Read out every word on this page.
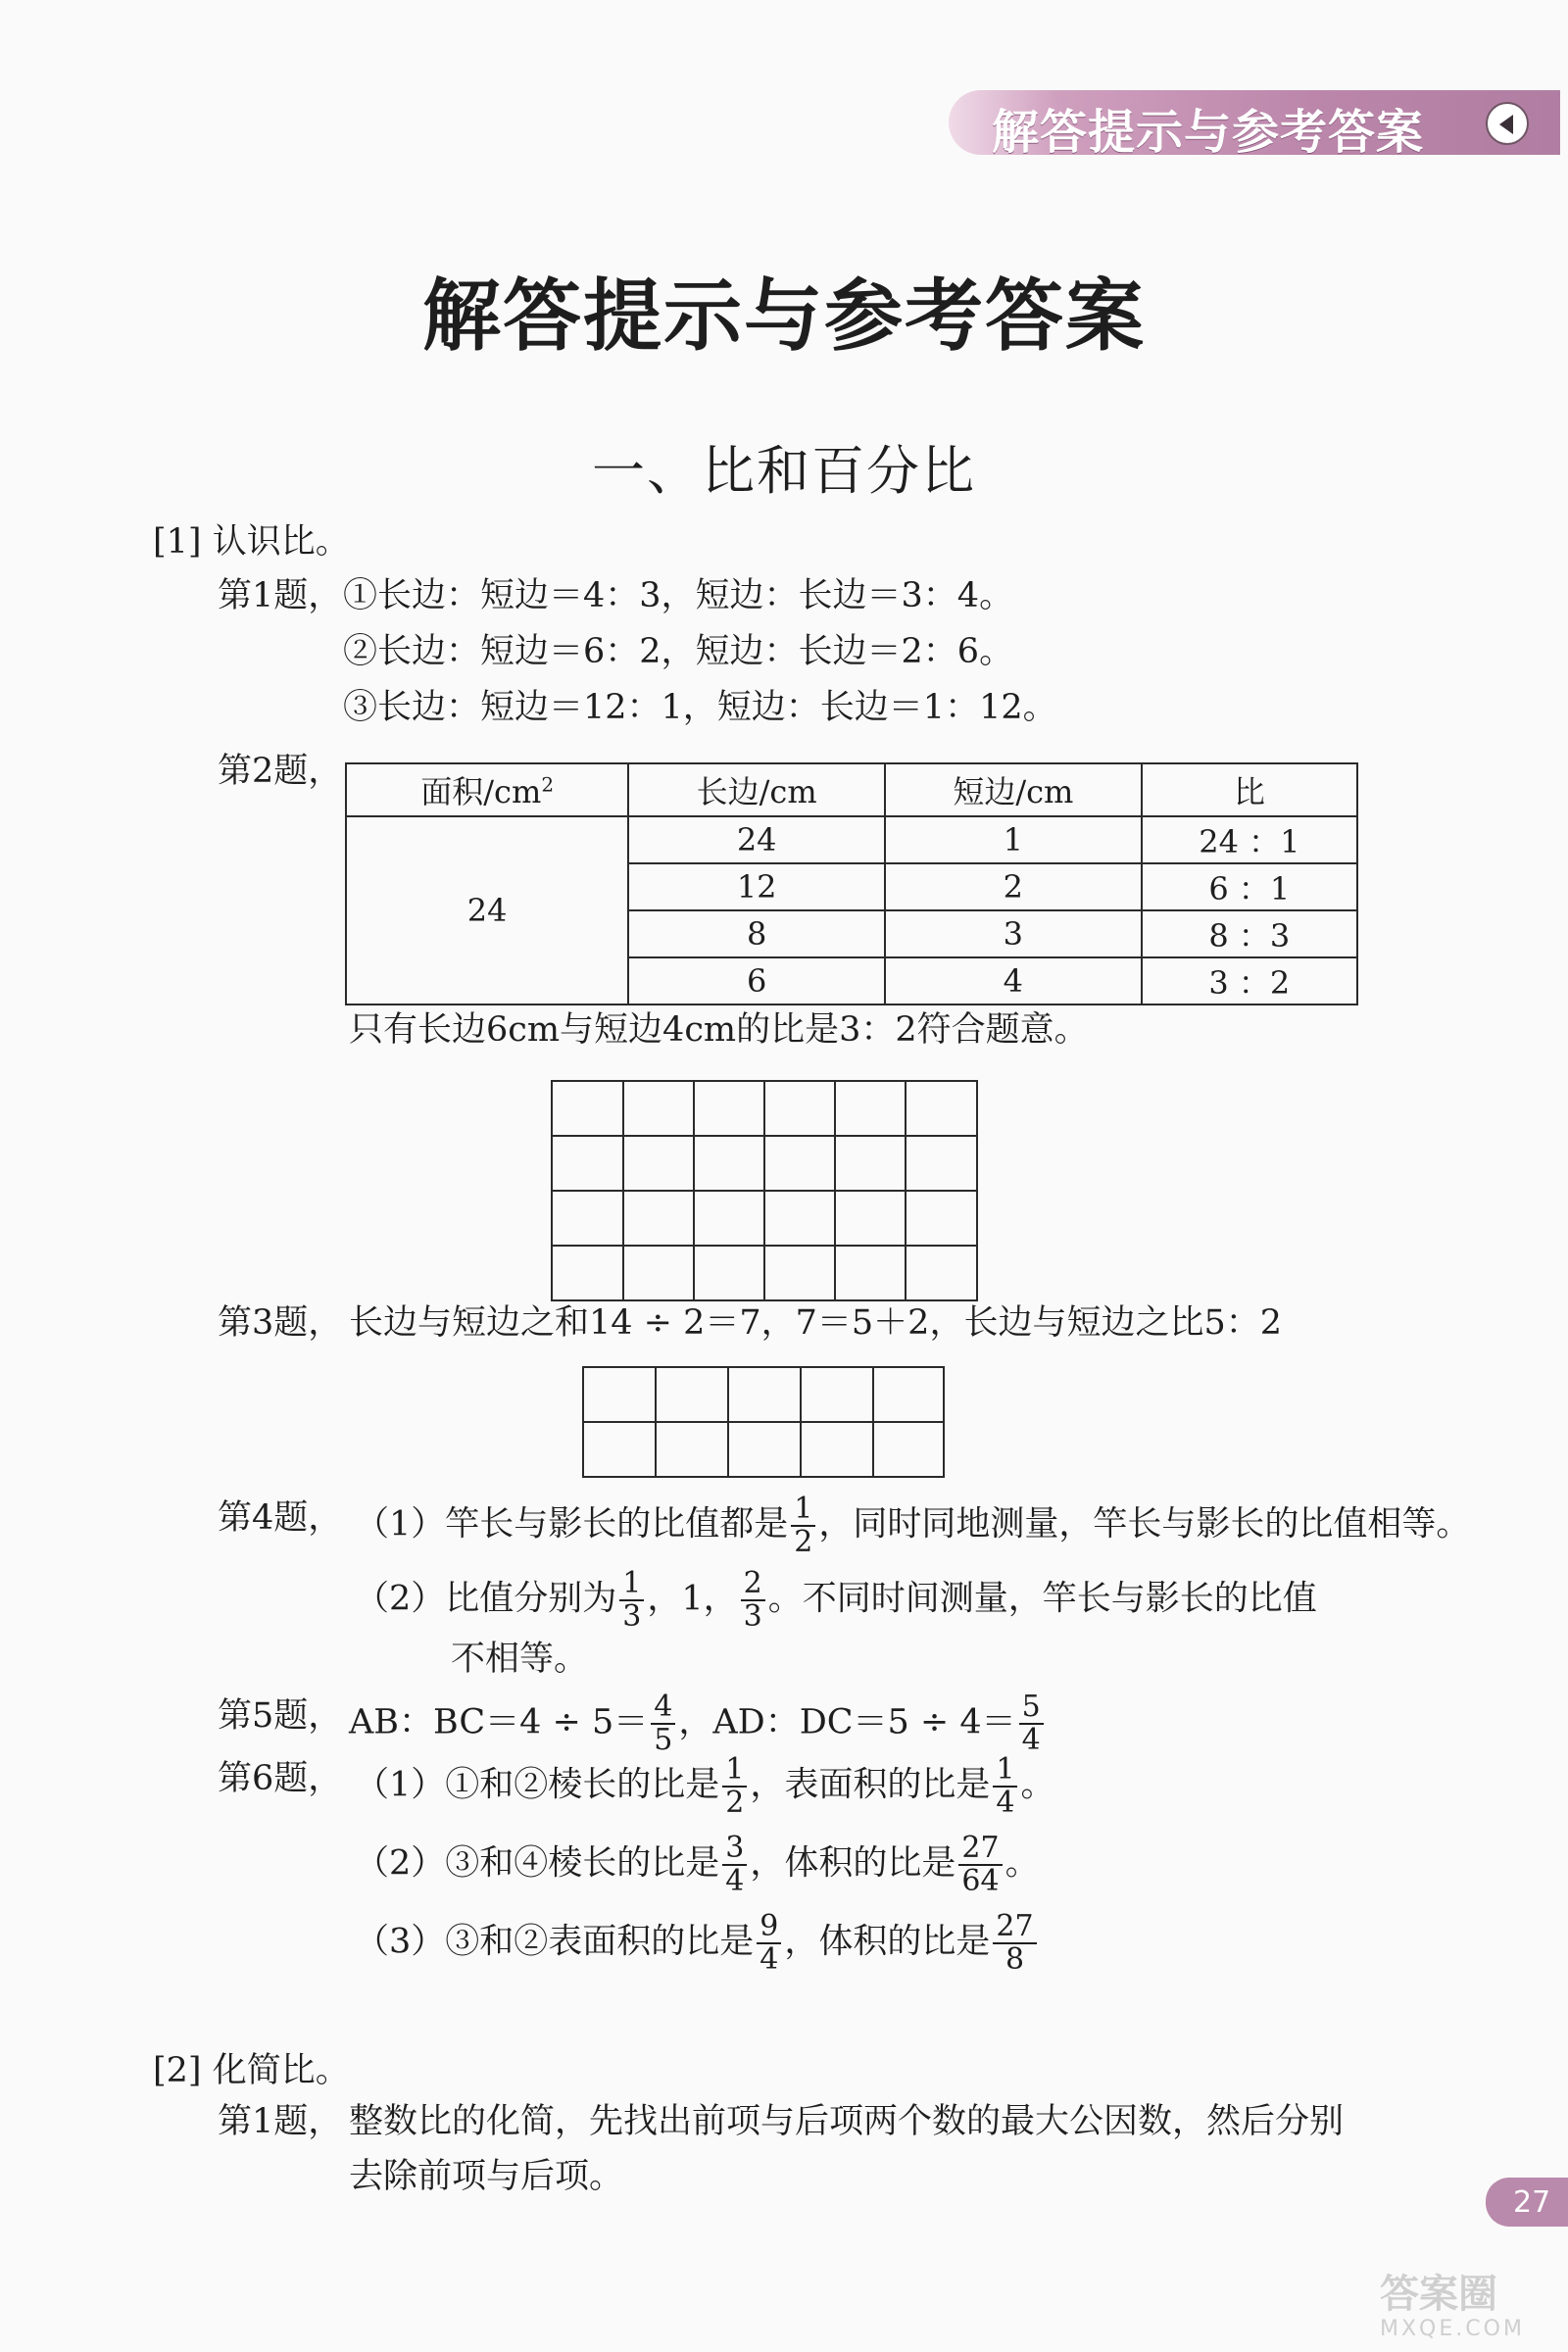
解答提示与参考答案
解答提示与参考答案
一、比和百分比
[1] 认识比。
第1题， ①长边：短边＝4：3，短边：长边＝3：4。
②长边：短边＝6：2，短边：长边＝2：6。
③长边：短边＝12：1，短边：长边＝1：12。
第2题，
面积$/cm^2$	长边/cm	短边/cm	比
24	24	1	24 ：1
	12	2	6 ：1
	8	3	8 ：3
	6	4	3 ：2
只有长边6cm与短边4cm的比是3：2符合题意。
第3题， 长边与短边之和14 ÷ 2＝7，7＝5＋2，长边与短边之比5：2
第4题， （1）竿长与影长的比值都是 $\frac{1}{2}$ ，同时同地测量，竿长与影长的比值相等。
（2）比值分别为 $\frac{1}{3}$ ，1， $\frac{2}{3}$ 。不同时间测量，竿长与影长的比值
不相等。
第5题， AB：$BC=4 \div 5= \frac{4}{5}$ ，AD：$DC=5 \div 4= \frac{5}{4}$
第6题， （1）①和②棱长的比是 $\frac{1}{2}$ ，表面积的比是 $\frac{1}{4}$ 。
（2）③和④棱长的比是 $\frac{3}{4}$ ，体积的比是 $\frac{27}{64}$ 。
（3）③和②表面积的比是 $\frac{9}{4}$ ，体积的比是 $\frac{27}{8}$
[2] 化简比。
第1题， 整数比的化简，先找出前项与后项两个数的最大公因数，然后分别
去除前项与后项。
27
答案圈
MXQE.COM
